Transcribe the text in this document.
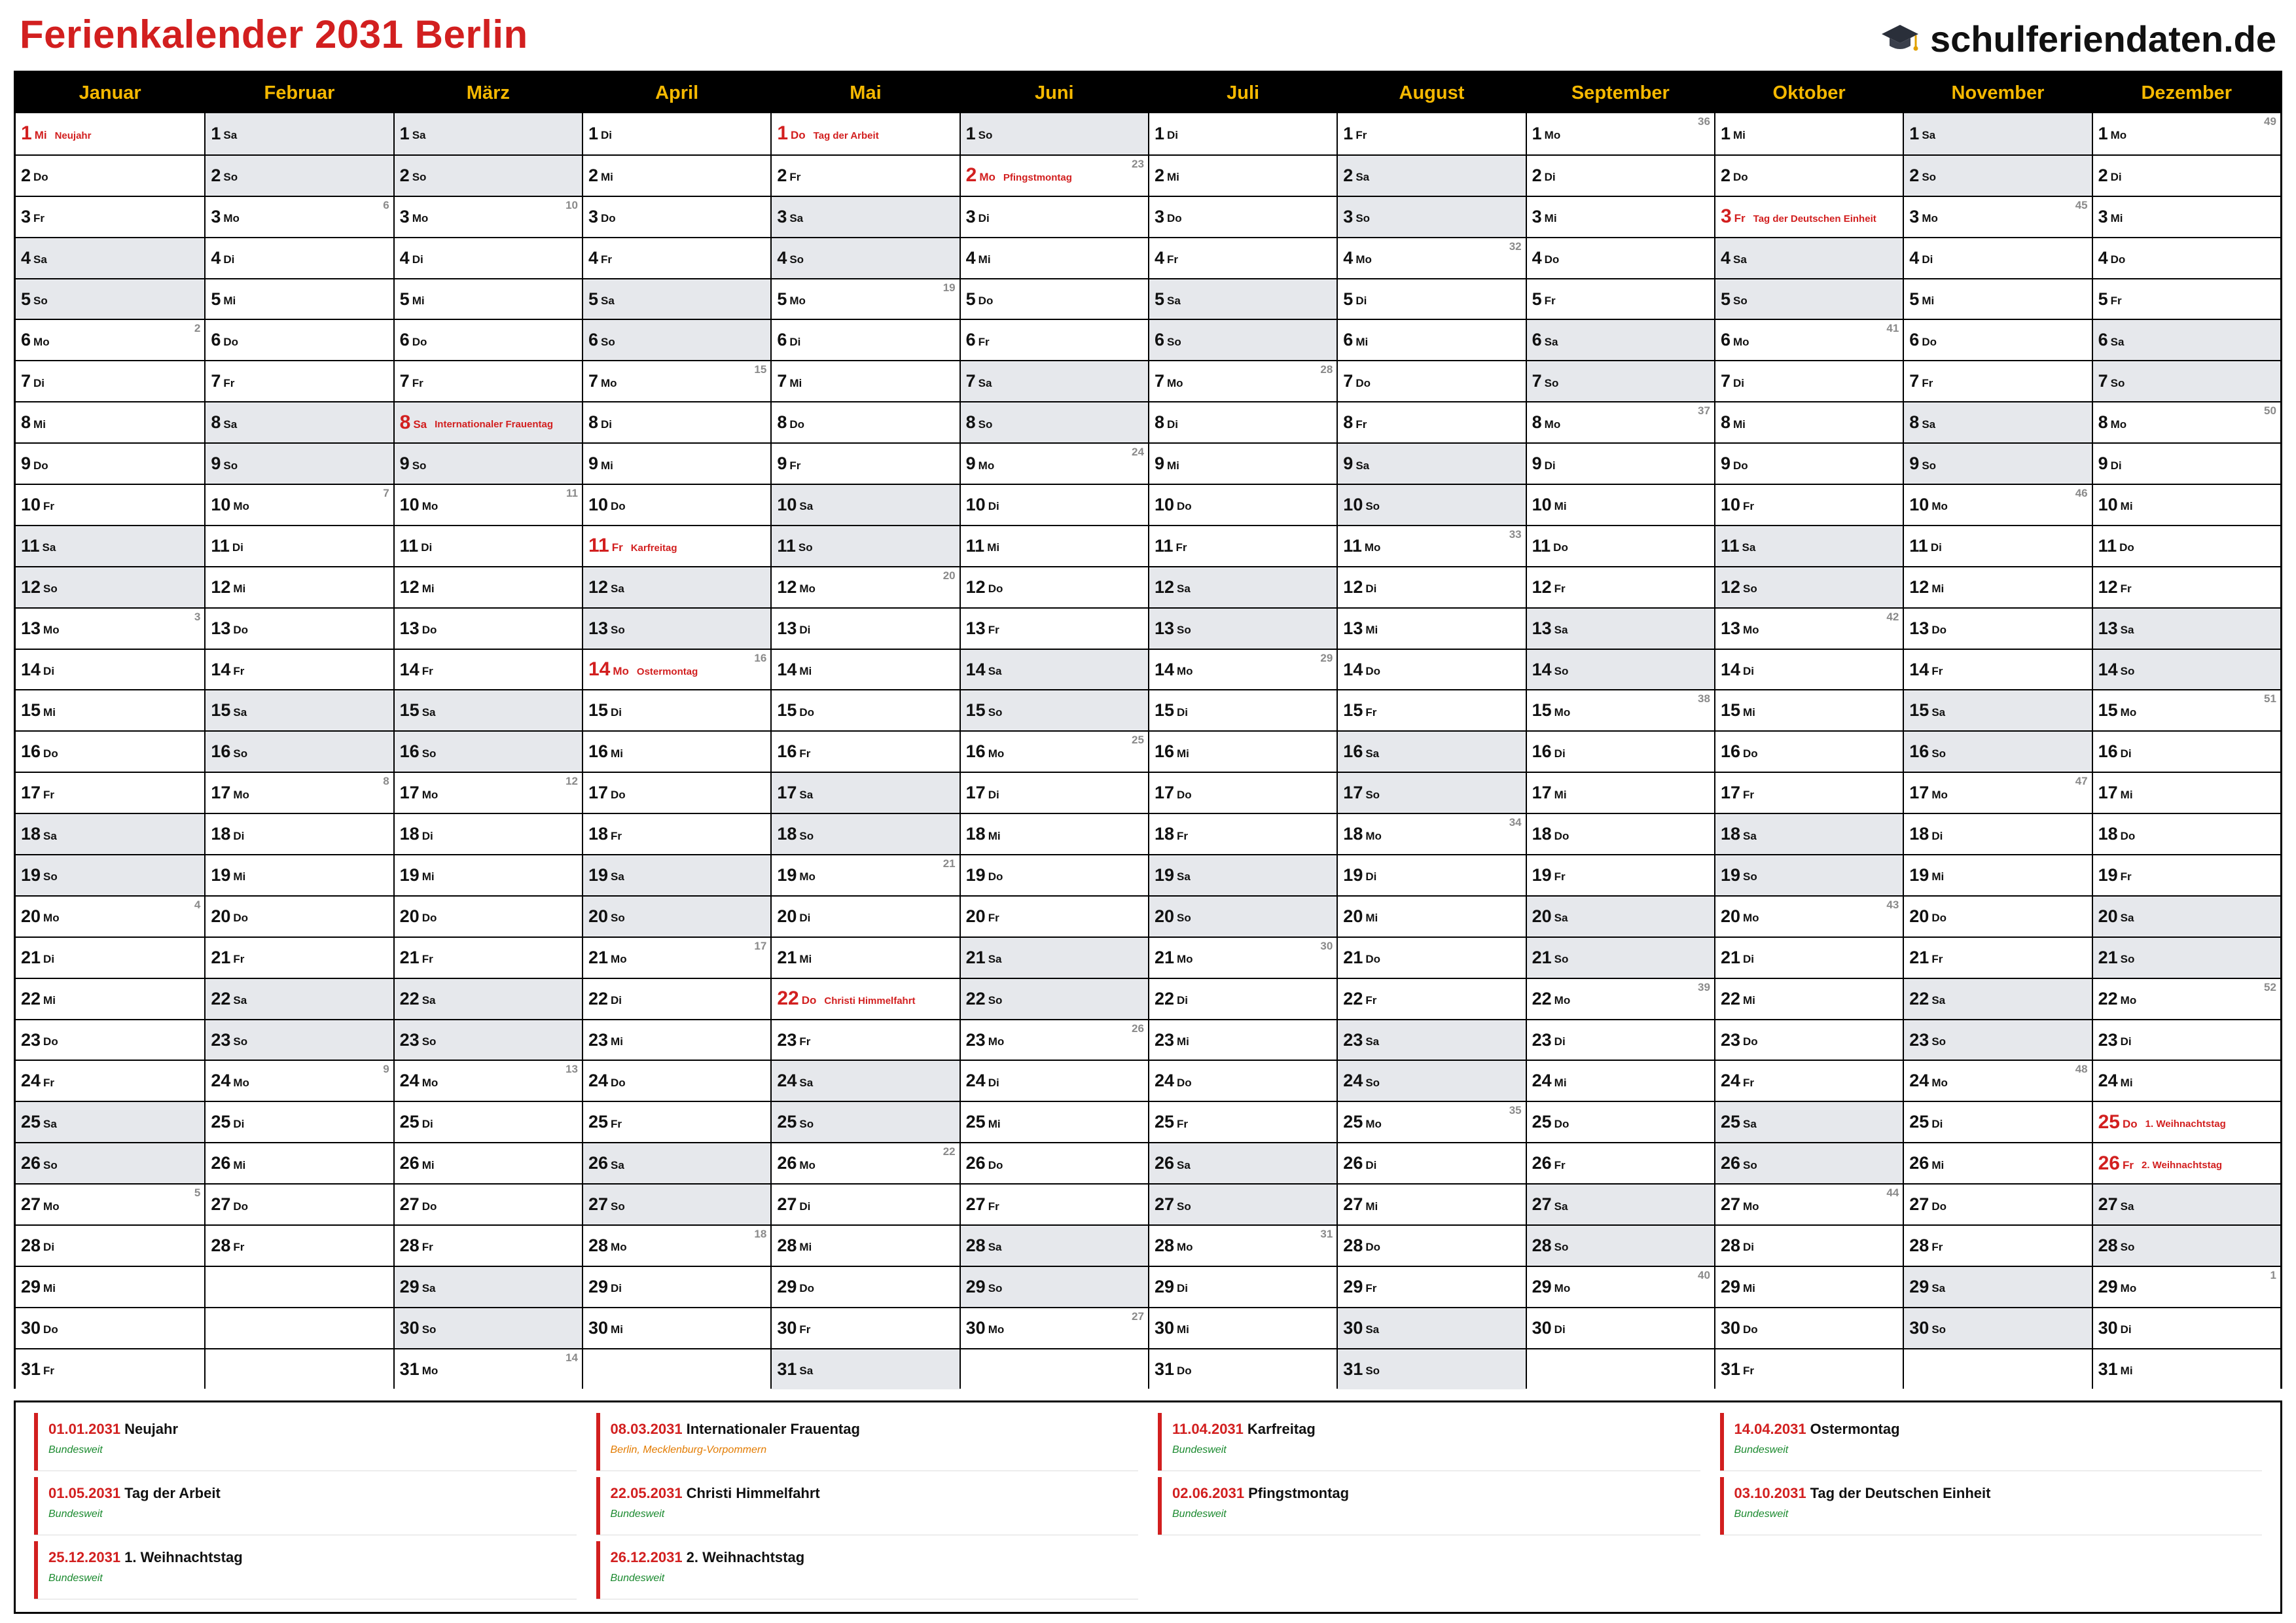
Ferienkalender 2031 Berlin	schulferiendaten.de
Januar
1 Mi Neujahr
2 Do
3 Fr
4 Sa
5 So
6 Mo
2
7 Di
8 Mi
9 Do
10 Fr
11 Sa
12 So
13 Mo
3
14 Di
15 Mi
16 Do
17 Fr
18 Sa
19 So
20 Mo
4
21 Di
22 Mi
23 Do
24 Fr
25 Sa
26 So
27 Mo
5
28 Di
29 Mi
30 Do
31 Fr
Februar
1 Sa
2 So
3 Mo
6
4 Di
5 Mi
6 Do
7 Fr
8 Sa
9 So
10 Mo
7
11 Di
12 Mi
13 Do
14 Fr
15 Sa
16 So
17 Mo
8
18 Di
19 Mi
20 Do
21 Fr
22 Sa
23 So
24 Mo
9
25 Di
26 Mi
27 Do
28 Fr
März
1 Sa
2 So
3 Mo
10
4 Di
5 Mi
6 Do
7 Fr
8 Sa Internationaler Frauentag
9 So
10 Mo
11
11 Di
12 Mi
13 Do
14 Fr
15 Sa
16 So
17 Mo
12
18 Di
19 Mi
20 Do
21 Fr
22 Sa
23 So
24 Mo
13
25 Di
26 Mi
27 Do
28 Fr
29 Sa
30 So
31 Mo
14
April
1 Di
2 Mi
3 Do
4 Fr
5 Sa
6 So
7 Mo
15
8 Di
9 Mi
10 Do
11 Fr Karfreitag
12 Sa
13 So
14 Mo Ostermontag
16
15 Di
16 Mi
17 Do
18 Fr
19 Sa
20 So
21 Mo
17
22 Di
23 Mi
24 Do
25 Fr
26 Sa
27 So
28 Mo
18
29 Di
30 Mi
Mai
1 Do Tag der Arbeit
2 Fr
3 Sa
4 So
5 Mo
19
6 Di
7 Mi
8 Do
9 Fr
10 Sa
11 So
12 Mo
20
13 Di
14 Mi
15 Do
16 Fr
17 Sa
18 So
19 Mo
21
20 Di
21 Mi
22 Do Christi Himmelfahrt
23 Fr
24 Sa
25 So
26 Mo
22
27 Di
28 Mi
29 Do
30 Fr
31 Sa
Juni
1 So
2 Mo Pfingstmontag
23
3 Di
4 Mi
5 Do
6 Fr
7 Sa
8 So
9 Mo
24
10 Di
11 Mi
12 Do
13 Fr
14 Sa
15 So
16 Mo
25
17 Di
18 Mi
19 Do
20 Fr
21 Sa
22 So
23 Mo
26
24 Di
25 Mi
26 Do
27 Fr
28 Sa
29 So
30 Mo
27
Juli
1 Di
2 Mi
3 Do
4 Fr
5 Sa
6 So
7 Mo
28
8 Di
9 Mi
10 Do
11 Fr
12 Sa
13 So
14 Mo
29
15 Di
16 Mi
17 Do
18 Fr
19 Sa
20 So
21 Mo
30
22 Di
23 Mi
24 Do
25 Fr
26 Sa
27 So
28 Mo
31
29 Di
30 Mi
31 Do
August
1 Fr
2 Sa
3 So
4 Mo
32
5 Di
6 Mi
7 Do
8 Fr
9 Sa
10 So
11 Mo
33
12 Di
13 Mi
14 Do
15 Fr
16 Sa
17 So
18 Mo
34
19 Di
20 Mi
21 Do
22 Fr
23 Sa
24 So
25 Mo
35
26 Di
27 Mi
28 Do
29 Fr
30 Sa
31 So
September
1 Mo
36
2 Di
3 Mi
4 Do
5 Fr
6 Sa
7 So
8 Mo
37
9 Di
10 Mi
11 Do
12 Fr
13 Sa
14 So
15 Mo
38
16 Di
17 Mi
18 Do
19 Fr
20 Sa
21 So
22 Mo
39
23 Di
24 Mi
25 Do
26 Fr
27 Sa
28 So
29 Mo
40
30 Di
Oktober
1 Mi
2 Do
3 Fr Tag der Deutschen Einheit
4 Sa
5 So
6 Mo
41
7 Di
8 Mi
9 Do
10 Fr
11 Sa
12 So
13 Mo
42
14 Di
15 Mi
16 Do
17 Fr
18 Sa
19 So
20 Mo
43
21 Di
22 Mi
23 Do
24 Fr
25 Sa
26 So
27 Mo
44
28 Di
29 Mi
30 Do
31 Fr
November
1 Sa
2 So
3 Mo
45
4 Di
5 Mi
6 Do
7 Fr
8 Sa
9 So
10 Mo
46
11 Di
12 Mi
13 Do
14 Fr
15 Sa
16 So
17 Mo
47
18 Di
19 Mi
20 Do
21 Fr
22 Sa
23 So
24 Mo
48
25 Di
26 Mi
27 Do
28 Fr
29 Sa
30 So
Dezember
1 Mo
49
2 Di
3 Mi
4 Do
5 Fr
6 Sa
7 So
8 Mo
50
9 Di
10 Mi
11 Do
12 Fr
13 Sa
14 So
15 Mo
51
16 Di
17 Mi
18 Do
19 Fr
20 Sa
21 So
22 Mo
52
23 Di
24 Mi
25 Do 1. Weihnachtstag
26 Fr 2. Weihnachtstag
27 Sa
28 So
29 Mo
1
30 Di
31 Mi
01.01.2031 Neujahr
Bundesweit
08.03.2031 Internationaler Frauentag
Berlin, Mecklenburg-Vorpommern
11.04.2031 Karfreitag
Bundesweit
14.04.2031 Ostermontag
Bundesweit
01.05.2031 Tag der Arbeit
Bundesweit
22.05.2031 Christi Himmelfahrt
Bundesweit
02.06.2031 Pfingstmontag
Bundesweit
03.10.2031 Tag der Deutschen Einheit
Bundesweit
25.12.2031 1. Weihnachtstag
Bundesweit
26.12.2031 2. Weihnachtstag
Bundesweit
